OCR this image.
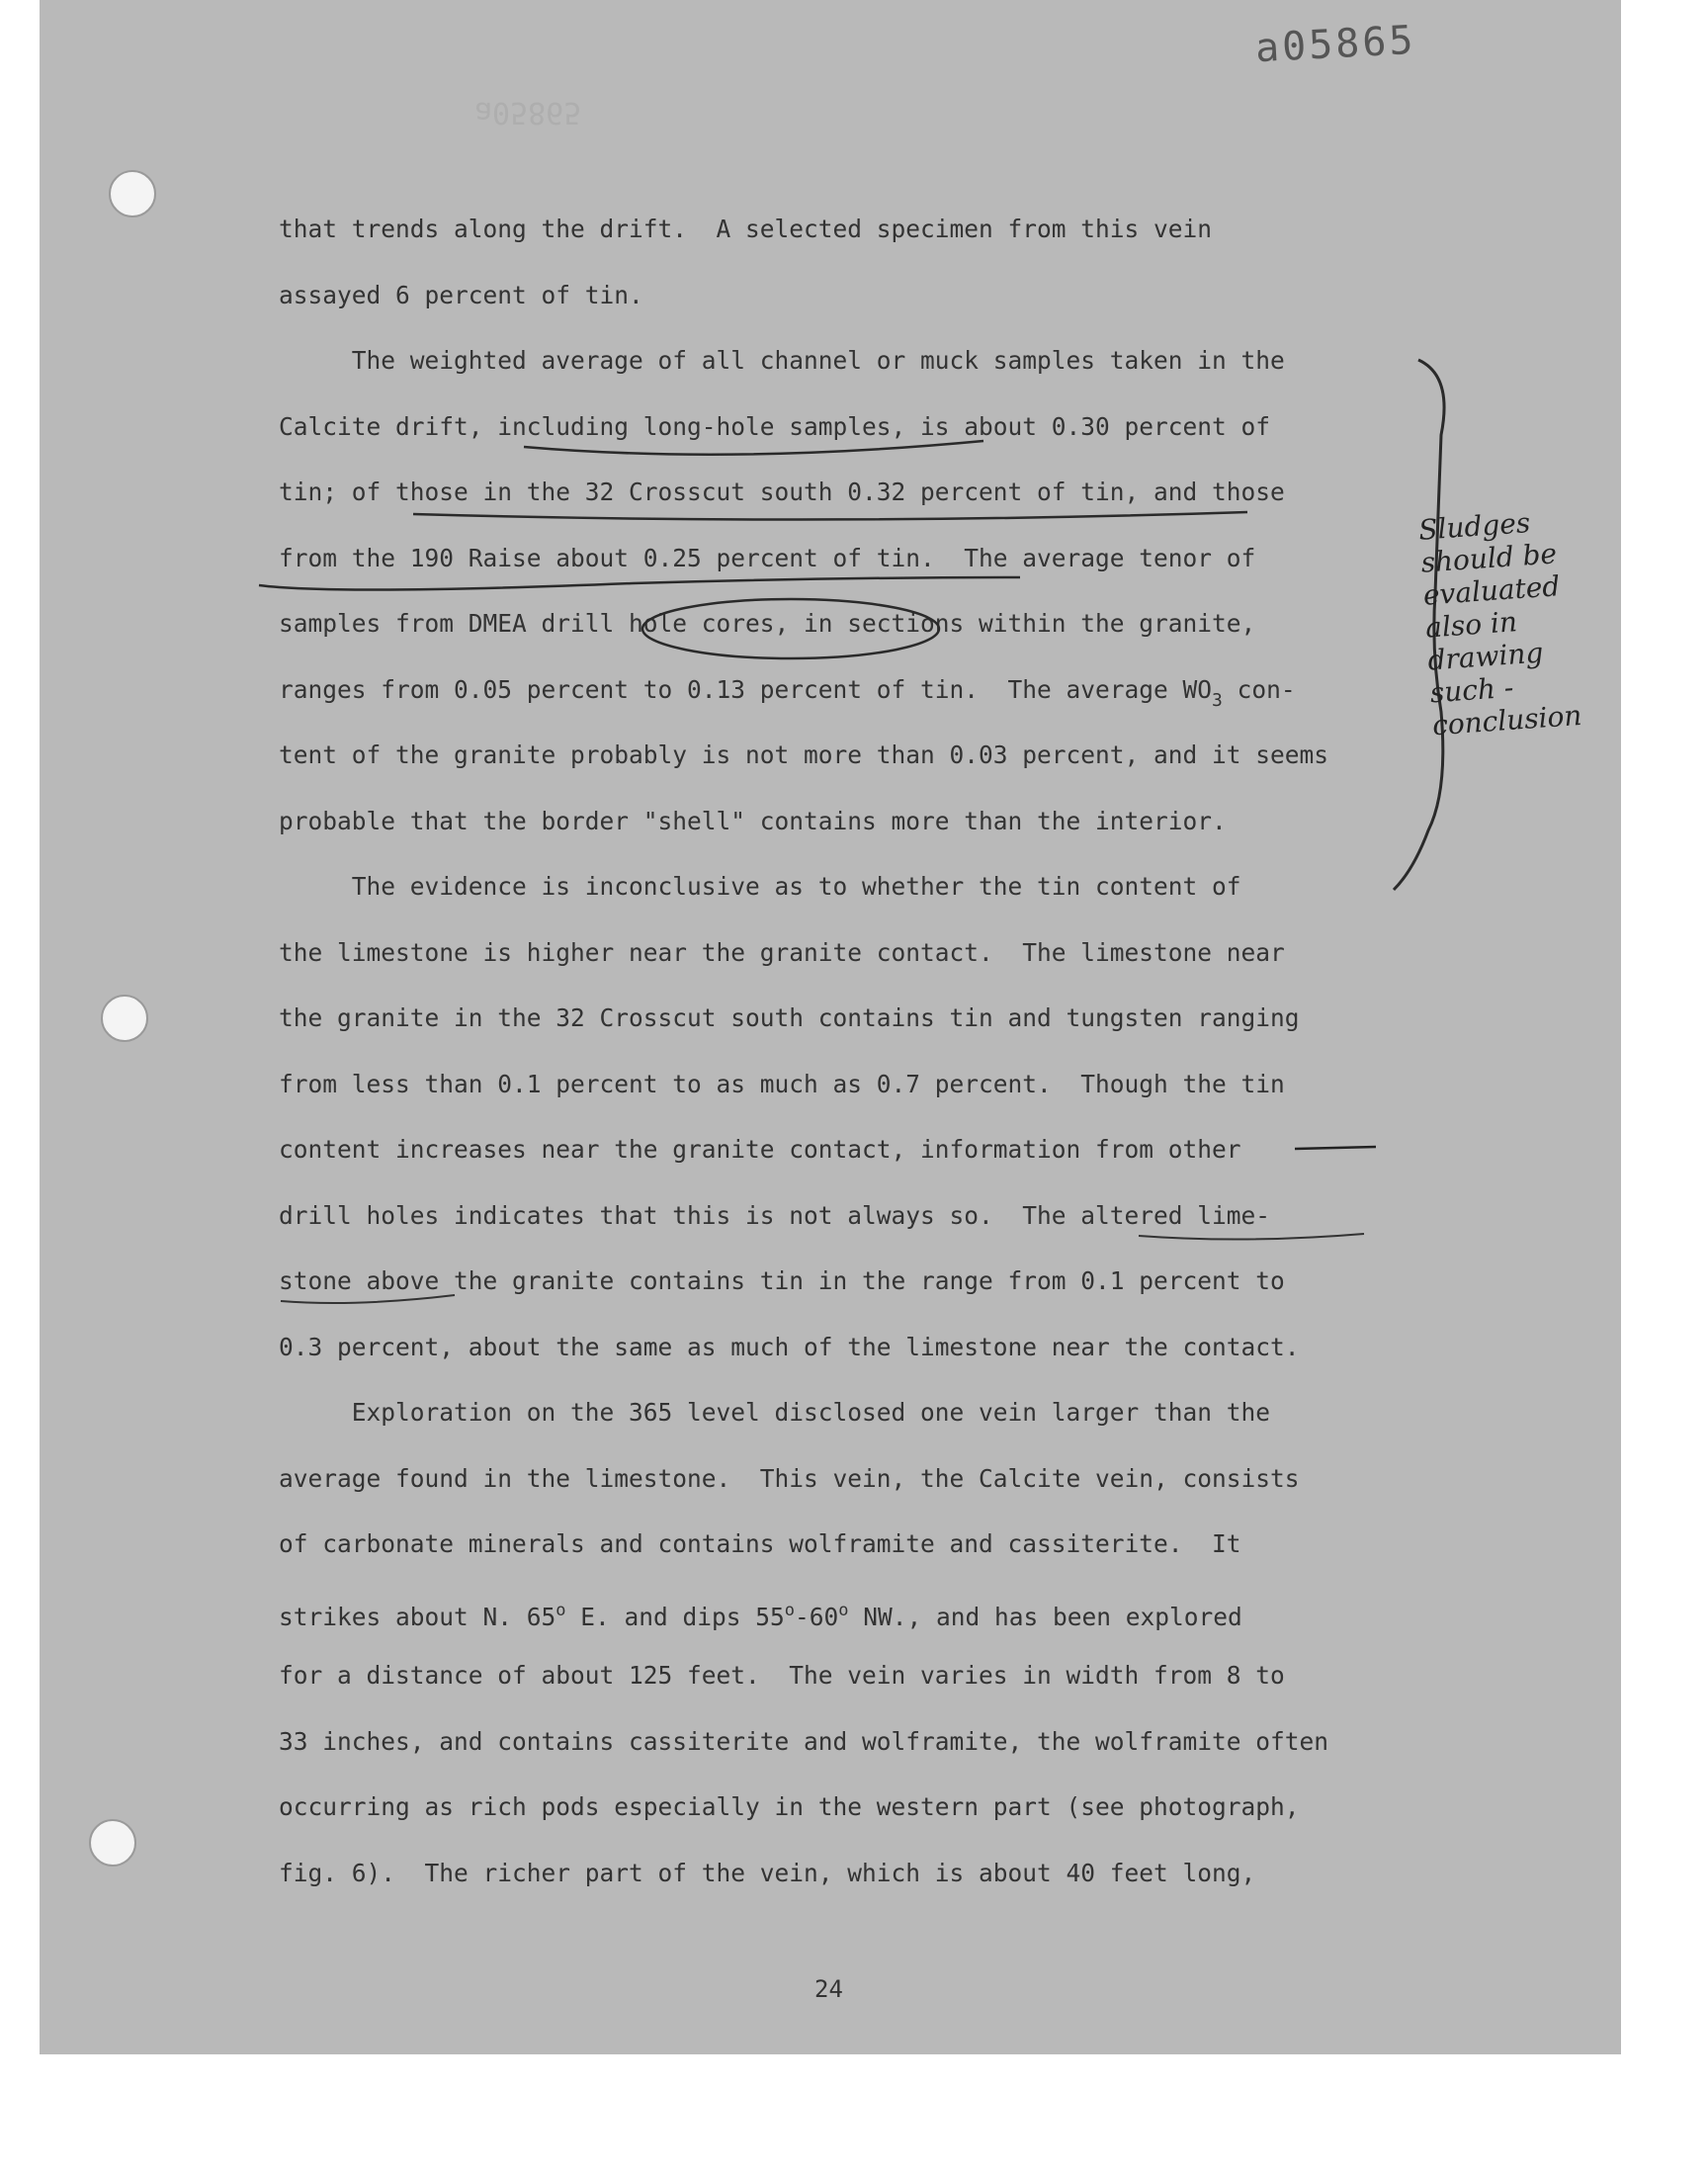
a05865
a05865
that trends along the drift.  A selected specimen from this vein
assayed 6 percent of tin.
The weighted average of all channel or muck samples taken in the
Calcite drift, including long-hole samples, is about 0.30 percent of
tin; of those in the 32 Crosscut south 0.32 percent of tin, and those
from the 190 Raise about 0.25 percent of tin.  The average tenor of
samples from DMEA drill hole cores, in sections within the granite,
ranges from 0.05 percent to 0.13 percent of tin.  The average $WO_3$ con-
tent of the granite probably is not more than 0.03 percent, and it seems
probable that the border "shell" contains more than the interior.
The evidence is inconclusive as to whether the tin content of
the limestone is higher near the granite contact.  The limestone near
the granite in the 32 Crosscut south contains tin and tungsten ranging
from less than 0.1 percent to as much as 0.7 percent.  Though the tin
content increases near the granite contact, information from other
drill holes indicates that this is not always so.  The altered lime-
stone above the granite contains tin in the range from 0.1 percent to
0.3 percent, about the same as much of the limestone near the contact.
Exploration on the 365 level disclosed one vein larger than the
average found in the limestone.  This vein, the Calcite vein, consists
of carbonate minerals and contains wolframite and cassiterite.  It
strikes about N. 65$^o$ E. and dips 55$^o$-60$^o$ NW., and has been explored
for a distance of about 125 feet.  The vein varies in width from 8 to
33 inches, and contains cassiterite and wolframite, the wolframite often
occurring as rich pods especially in the western part (see photograph,
fig. 6).  The richer part of the vein, which is about 40 feet long,
Sludges
should be
evaluated
also in
drawing
such -
conclusion
24
